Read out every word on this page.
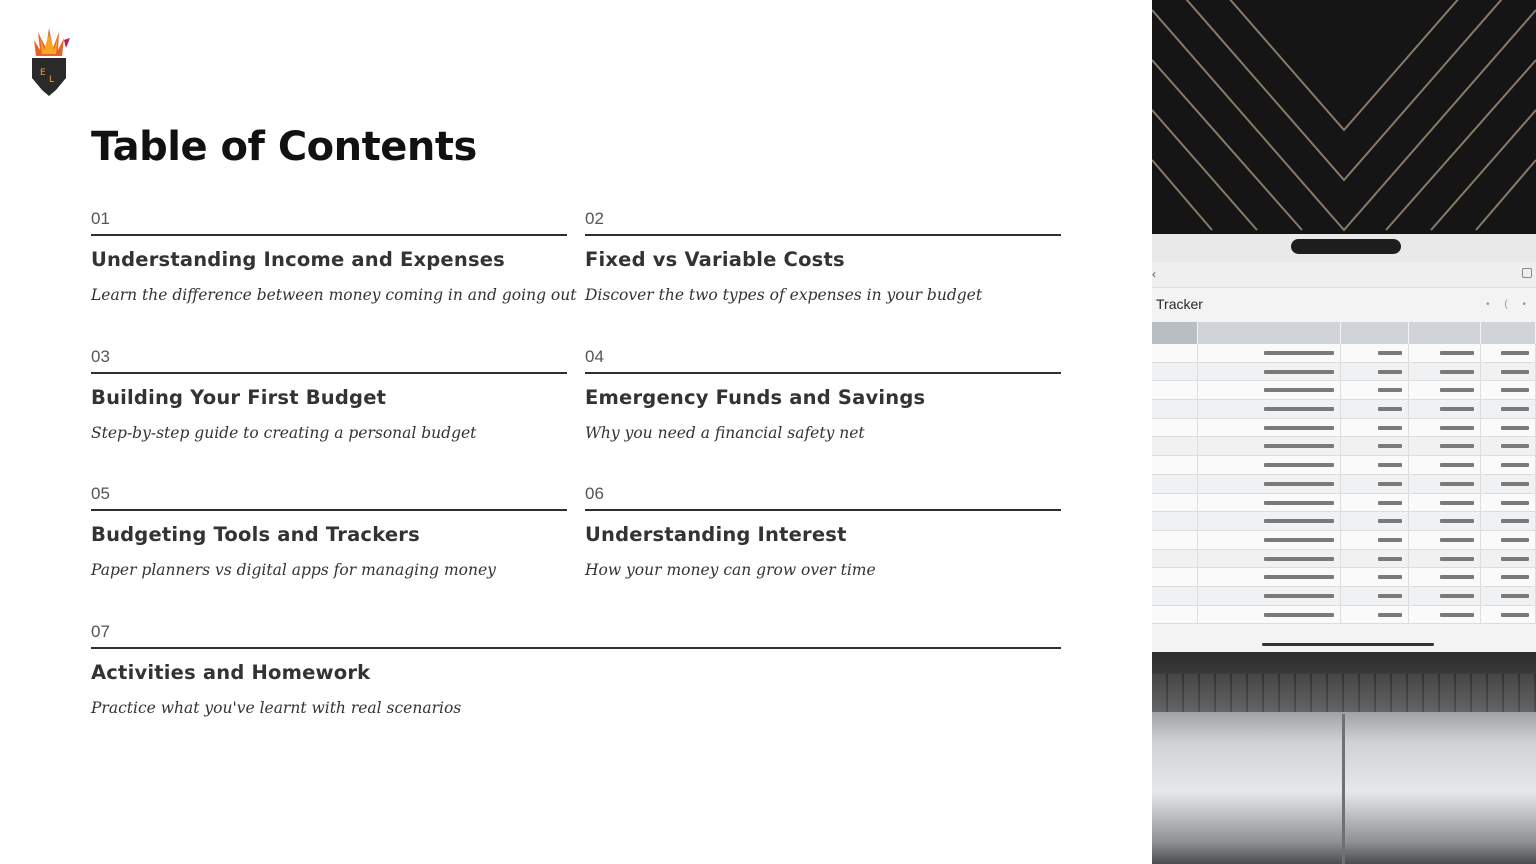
E
L
Table of Contents
01
Understanding Income and Expenses
Learn the difference between money coming in and going out
02
Fixed vs Variable Costs
Discover the two types of expenses in your budget
03
Building Your First Budget
Step-by-step guide to creating a personal budget
04
Emergency Funds and Savings
Why you need a financial safety net
05
Budgeting Tools and Trackers
Paper planners vs digital apps for managing money
06
Understanding Interest
How your money can grow over time
07
Activities and Homework
Practice what you've learnt with real scenarios
‹
Tracker	• ( •
